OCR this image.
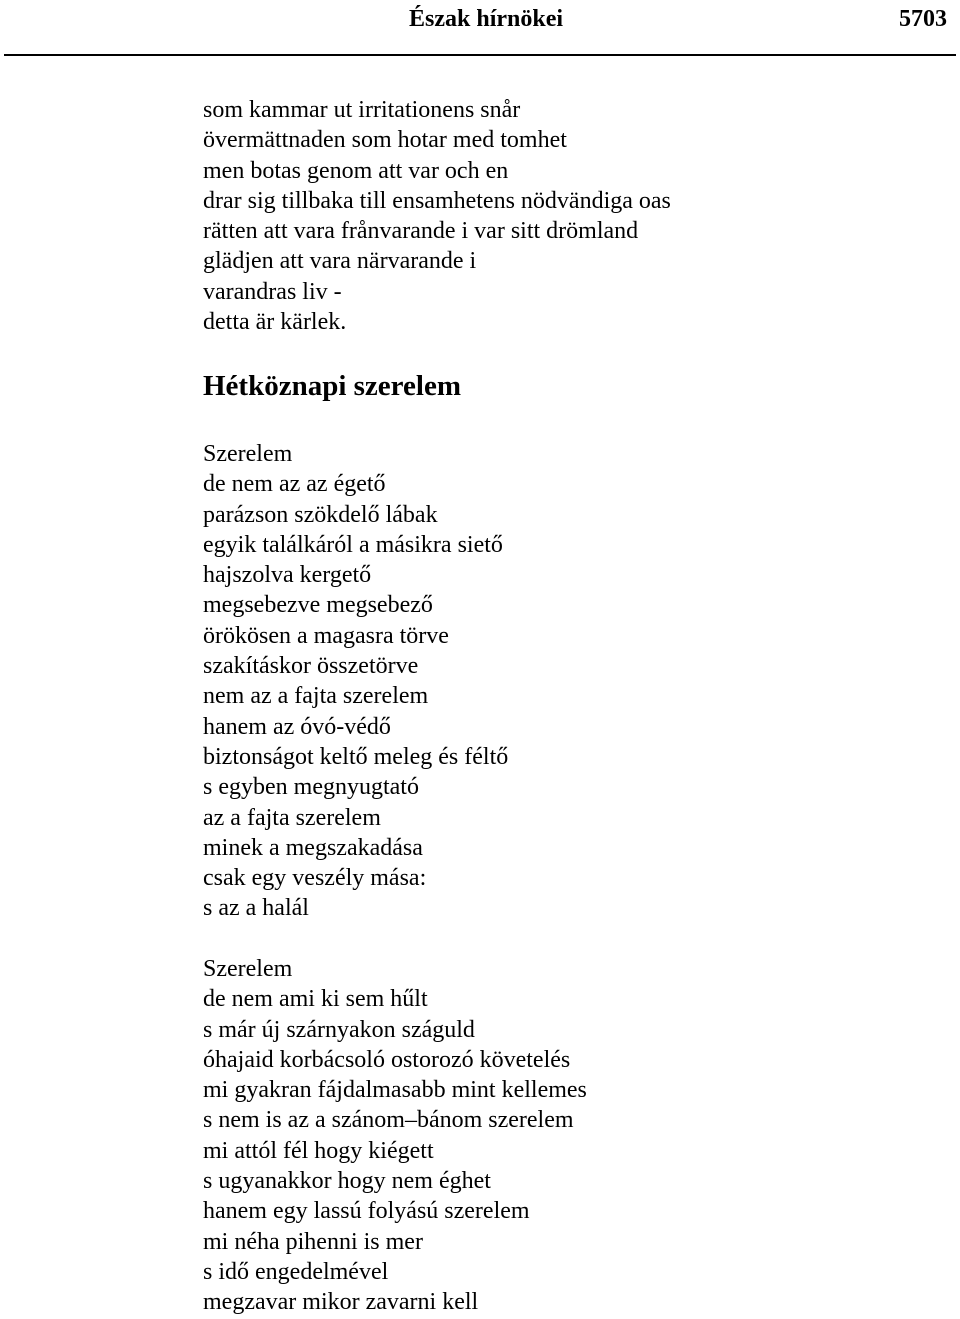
Észak hírnökei	5703
som kammar ut irritationens snår
övermättnaden som hotar med tomhet
men botas genom att var och en
drar sig tillbaka till ensamhetens nödvändiga oas
rätten att vara frånvarande i var sitt drömland
glädjen att vara närvarande i
varandras liv -
detta är kärlek.
Hétköznapi szerelem
Szerelem
de nem az az égető
parázson szökdelő lábak
egyik találkáról a másikra siető
hajszolva kergető
megsebezve megsebező
örökösen a magasra törve
szakításkor összetörve
nem az a fajta szerelem
hanem az óvó-védő
biztonságot keltő meleg és féltő
s egyben megnyugtató
az a fajta szerelem
minek a megszakadása
csak egy veszély mása:
s az a halál
Szerelem
de nem ami ki sem hűlt
s már új szárnyakon száguld
óhajaid korbácsoló ostorozó követelés
mi gyakran fájdalmasabb mint kellemes
s nem is az a szánom–bánom szerelem
mi attól fél hogy kiégett
s ugyanakkor hogy nem éghet
hanem egy lassú folyású szerelem
mi néha pihenni is mer
s idő engedelmével
megzavar mikor zavarni kell
